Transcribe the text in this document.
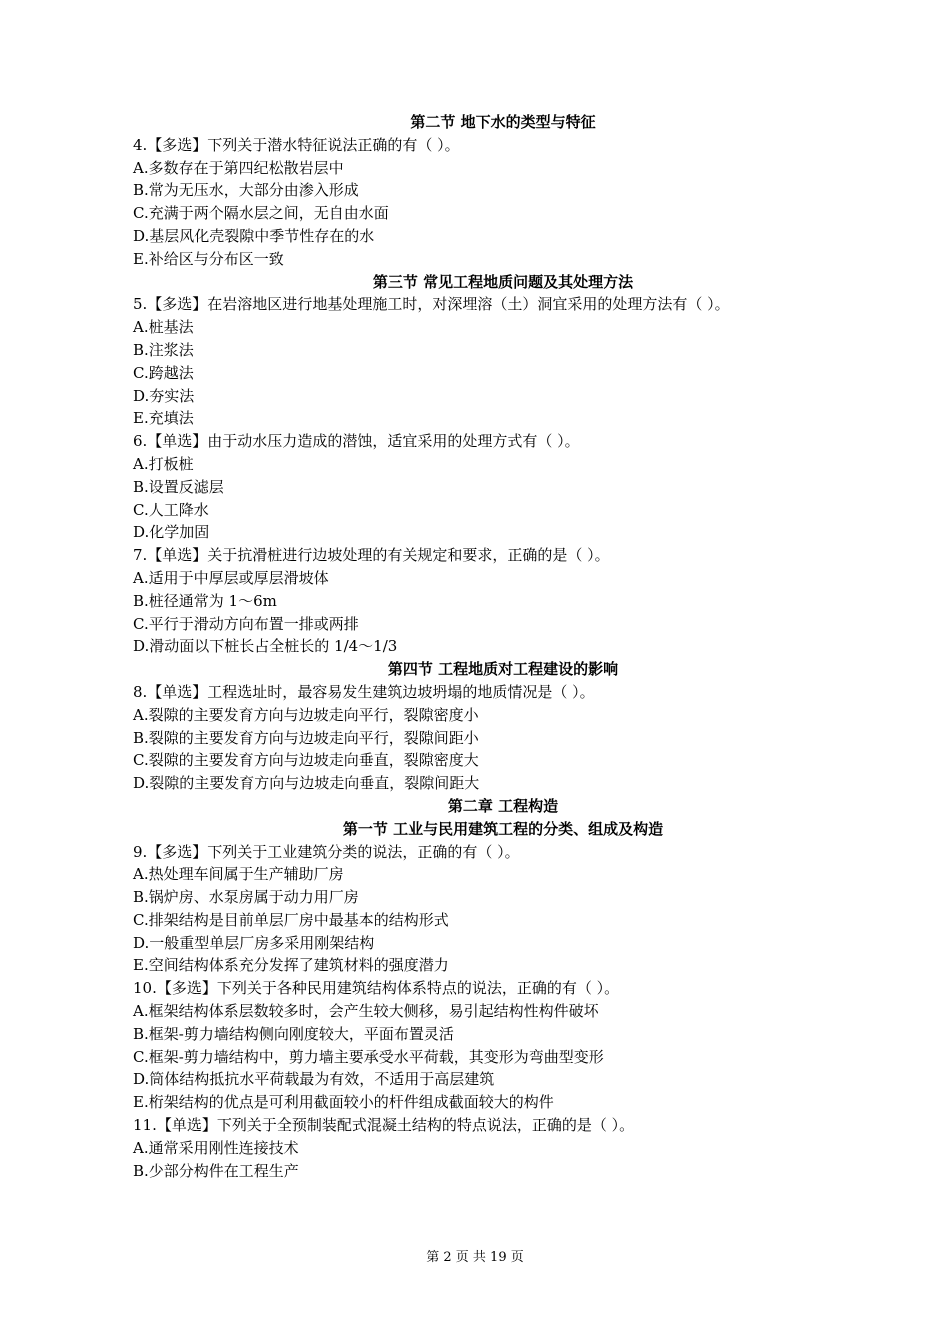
第二节 地下水的类型与特征
4.【多选】下列关于潜水特征说法正确的有（ ）。
A.多数存在于第四纪松散岩层中
B.常为无压水，大部分由渗入形成
C.充满于两个隔水层之间，无自由水面
D.基层风化壳裂隙中季节性存在的水
E.补给区与分布区一致
第三节 常见工程地质问题及其处理方法
5.【多选】在岩溶地区进行地基处理施工时，对深埋溶（土）洞宜采用的处理方法有（ ）。
A.桩基法
B.注浆法
C.跨越法
D.夯实法
E.充填法
6.【单选】由于动水压力造成的潜蚀，适宜采用的处理方式有（ ）。
A.打板桩
B.设置反滤层
C.人工降水
D.化学加固
7.【单选】关于抗滑桩进行边坡处理的有关规定和要求，正确的是（ ）。
A.适用于中厚层或厚层滑坡体
B.桩径通常为 1～6m
C.平行于滑动方向布置一排或两排
D.滑动面以下桩长占全桩长的 1/4～1/3
第四节 工程地质对工程建设的影响
8.【单选】工程选址时，最容易发生建筑边坡坍塌的地质情况是（ ）。
A.裂隙的主要发育方向与边坡走向平行，裂隙密度小
B.裂隙的主要发育方向与边坡走向平行，裂隙间距小
C.裂隙的主要发育方向与边坡走向垂直，裂隙密度大
D.裂隙的主要发育方向与边坡走向垂直，裂隙间距大
第二章 工程构造
第一节 工业与民用建筑工程的分类、组成及构造
9.【多选】下列关于工业建筑分类的说法，正确的有（ ）。
A.热处理车间属于生产辅助厂房
B.锅炉房、水泵房属于动力用厂房
C.排架结构是目前单层厂房中最基本的结构形式
D.一般重型单层厂房多采用刚架结构
E.空间结构体系充分发挥了建筑材料的强度潜力
10.【多选】下列关于各种民用建筑结构体系特点的说法，正确的有（ ）。
A.框架结构体系层数较多时，会产生较大侧移，易引起结构性构件破坏
B.框架-剪力墙结构侧向刚度较大，平面布置灵活
C.框架-剪力墙结构中，剪力墙主要承受水平荷载，其变形为弯曲型变形
D.筒体结构抵抗水平荷载最为有效，不适用于高层建筑
E.桁架结构的优点是可利用截面较小的杆件组成截面较大的构件
11.【单选】下列关于全预制装配式混凝土结构的特点说法，正确的是（ ）。
A.通常采用刚性连接技术
B.少部分构件在工程生产
第 2 页 共 19 页
